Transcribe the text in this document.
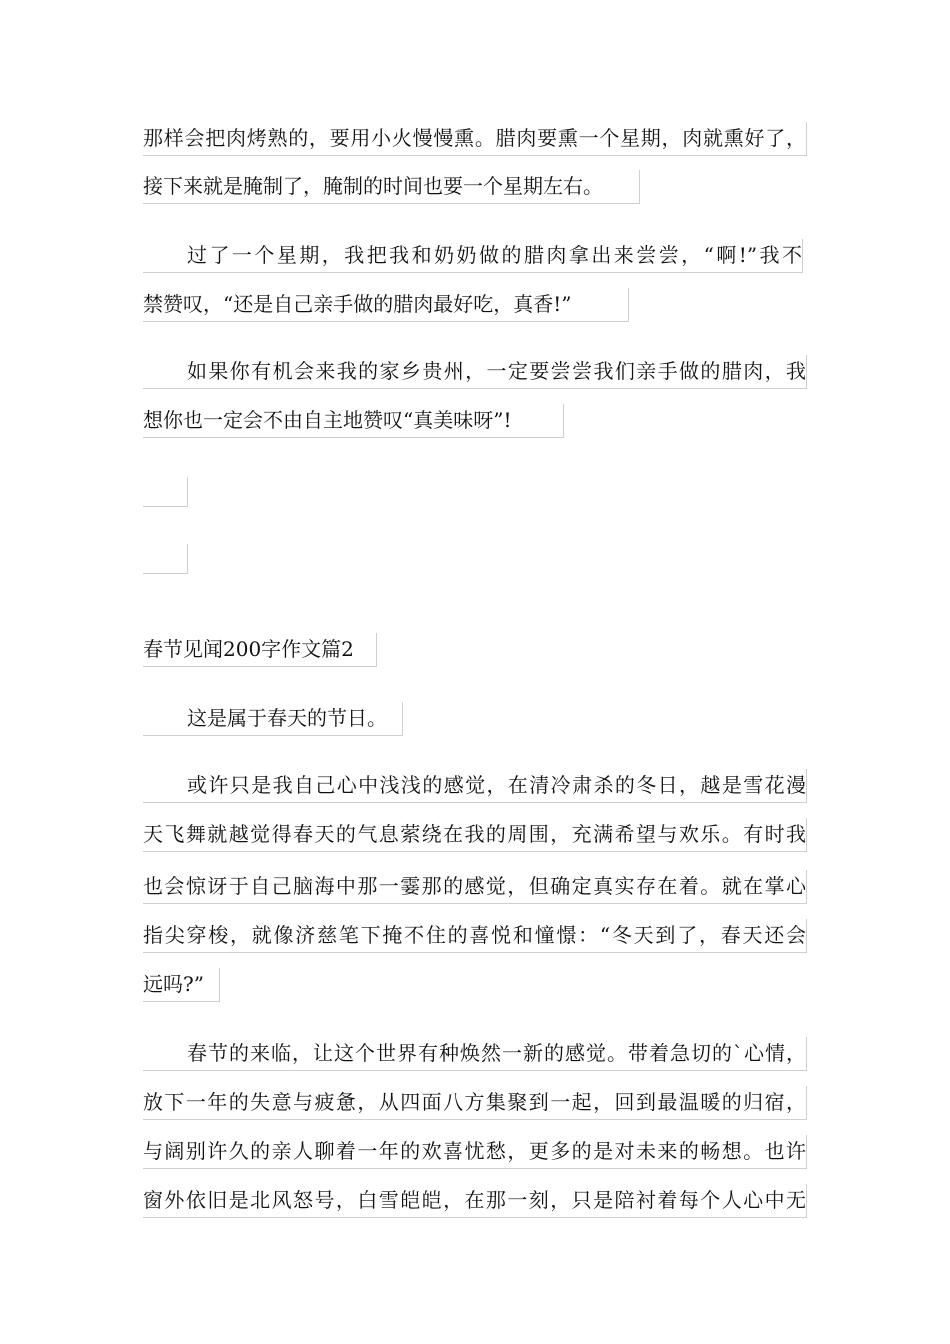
那样会把肉烤熟的，要用小火慢慢熏。腊肉要熏一个星期，肉就熏好了，
接下来就是腌制了，腌制的时间也要一个星期左右。
过了一个星期，我把我和奶奶做的腊肉拿出来尝尝，“啊!”我不
禁赞叹，“还是自己亲手做的腊肉最好吃，真香!”
如果你有机会来我的家乡贵州，一定要尝尝我们亲手做的腊肉，我
想你也一定会不由自主地赞叹“真美味呀”!
春节见闻200字作文篇2
这是属于春天的节日。
或许只是我自己心中浅浅的感觉，在清冷肃杀的冬日，越是雪花漫
天飞舞就越觉得春天的气息萦绕在我的周围，充满希望与欢乐。有时我
也会惊讶于自己脑海中那一霎那的感觉，但确定真实存在着。就在掌心
指尖穿梭，就像济慈笔下掩不住的喜悦和憧憬：“冬天到了，春天还会
远吗?”
春节的来临，让这个世界有种焕然一新的感觉。带着急切的`心情，
放下一年的失意与疲惫，从四面八方集聚到一起，回到最温暖的归宿，
与阔别许久的亲人聊着一年的欢喜忧愁，更多的是对未来的畅想。也许
窗外依旧是北风怒号，白雪皑皑，在那一刻，只是陪衬着每个人心中无
